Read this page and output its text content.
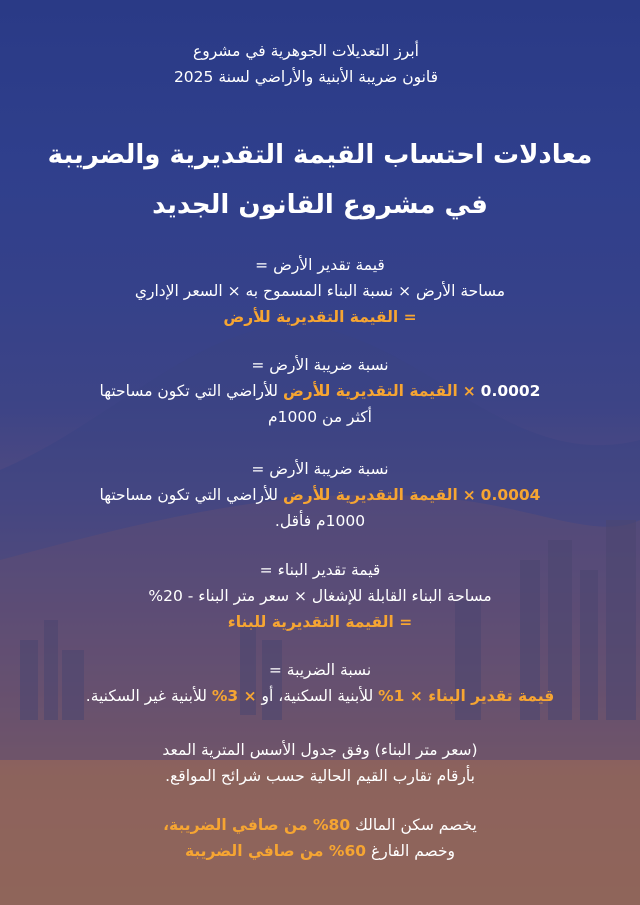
أبرز التعديلات الجوهرية في مشروع
قانون ضريبة الأبنية والأراضي لسنة 2025
معادلات احتساب القيمة التقديرية والضريبة
في مشروع القانون الجديد
قيمة تقدير الأرض =
مساحة الأرض × نسبة البناء المسموح به × السعر الإداري
= القيمة التقديرية للأرض
نسبة ضريبة الأرض =
0.0002 × القيمة التقديرية للأرض للأراضي التي تكون مساحتها
أكثر من 1000م
نسبة ضريبة الأرض =
0.0004 × القيمة التقديرية للأرض للأراضي التي تكون مساحتها
1000م فأقل.
قيمة تقدير البناء =
مساحة البناء القابلة للإشغال × سعر متر البناء - 20%
= القيمة التقديرية للبناء
نسبة الضريبة =
قيمة تقدير البناء × 1% للأبنية السكنية، أو × 3% للأبنية غير السكنية.
(سعر متر البناء) وفق جدول الأسس المترية المعد
بأرقام تقارب القيم الحالية حسب شرائح المواقع.
يخصم سكن المالك 80% من صافي الضريبة،
وخصم الفارغ 60% من صافي الضريبة
